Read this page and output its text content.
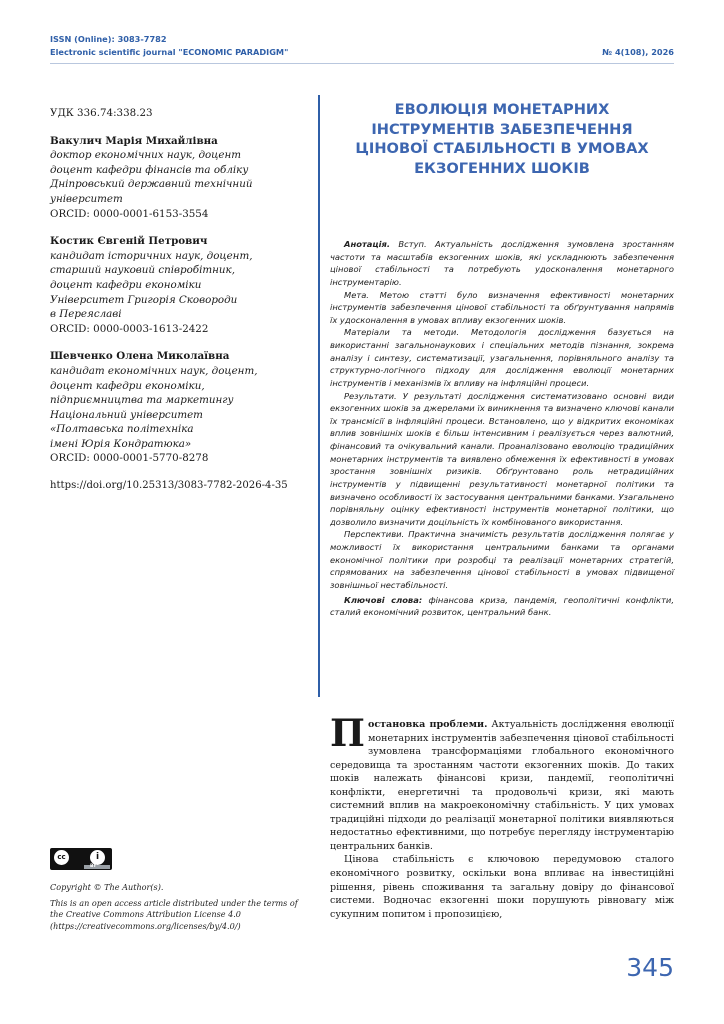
ISSN (Online): 3083-7782
Electronic scientific journal "ECONOMIC PARADIGM"	№ 4(108), 2026
УДК 336.74:338.23
Вакулич Марія Михайлівна
доктор економічних наук, доцент
доцент кафедри фінансів та обліку
Дніпровський державний технічний
університет
ORCID: 0000-0001-6153-3554
Костик Євгеній Петрович
кандидат історичних наук, доцент,
старший науковий співробітник,
доцент кафедри економіки
Університет Григорія Сковороди
в Переяславі
ORCID: 0000-0003-1613-2422
Шевченко Олена Миколаївна
кандидат економічних наук, доцент,
доцент кафедри економіки,
підприємництва та маркетингу
Національний університет
«Полтавська політехніка
імені Юрія Кондратюка»
ORCID: 0000-0001-5770-8278
https://doi.org/10.25313/3083-7782-2026-4-35
ЕВОЛЮЦІЯ МОНЕТАРНИХ
ІНСТРУМЕНТІВ ЗАБЕЗПЕЧЕННЯ
ЦІНОВОЇ СТАБІЛЬНОСТІ В УМОВАХ
ЕКЗОГЕННИХ ШОКІВ

Анотація. Вступ. Актуальність дослідження зумовлена зростанням частоти та масштабів екзогенних шоків, які ускладнюють забезпечення цінової стабільності та потребують удосконалення монетарного інструментарію.

Мета. Метою статті було визначення ефективності монетарних інструментів забезпечення цінової стабільності та обґрунтування напрямів їх удосконалення в умовах впливу екзогенних шоків.

Матеріали та методи. Методологія дослідження базується на використанні загальнонаукових і спеціальних методів пізнання, зокрема аналізу і синтезу, систематизації, узагальнення, порівняльного аналізу та структурно-логічного підходу для дослідження еволюції монетарних інструментів і механізмів їх впливу на інфляційні процеси.

Результати. У результаті дослідження систематизовано основні види екзогенних шоків за джерелами їх виникнення та визначено ключові канали їх трансмісії в інфляційні процеси. Встановлено, що у відкритих економіках вплив зовнішніх шоків є більш інтенсивним і реалізується через валютний, фінансовий та очікувальний канали. Проаналізовано еволюцію традиційних монетарних інструментів та виявлено обмеження їх ефективності в умовах зростання зовнішніх ризиків. Обґрунтовано роль нетрадиційних інструментів у підвищенні результативності монетарної політики та визначено особливості їх застосування центральними банками. Узагальнено порівняльну оцінку ефективності інструментів монетарної політики, що дозволило визначити доцільність їх комбінованого використання.

Перспективи. Практична значимість результатів дослідження полягає у можливості їх використання центральними банками та органами економічної політики при розробці та реалізації монетарних стратегій, спрямованих на забезпечення цінової стабільності в умовах підвищеної зовнішньої нестабільності.

Ключові слова: фінансова криза, пандемія, геополітичні конфлікти, сталий економічний розвиток, центральний банк.

Постановка проблеми. Актуальність дослідження еволюції монетарних інструментів забезпечення цінової стабільності зумовлена трансформаціями глобального економічного середовища та зростанням частоти екзогенних шоків. До таких шоків належать фінансові кризи, пандемії, геополітичні конфлікти, енергетичні та продовольчі кризи, які мають системний вплив на макроекономічну стабільність. У цих умовах традиційні підходи до реалізації монетарної політики виявляються недостатньо ефективними, що потребує перегляду інструментарію центральних банків.

Цінова стабільність є ключовою передумовою сталого економічного розвитку, оскільки вона впливає на інвестиційні рішення, рівень споживання та загальну довіру до фінансової системи. Водночас екзогенні шоки порушують рівновагу між сукупним попитом і пропозицією,

cc	i
BY
Copyright © The Author(s).
This is an open access article distributed under the terms of the Creative Commons Attribution License 4.0 (https://creativecommons.org/licenses/by/4.0/)
345
